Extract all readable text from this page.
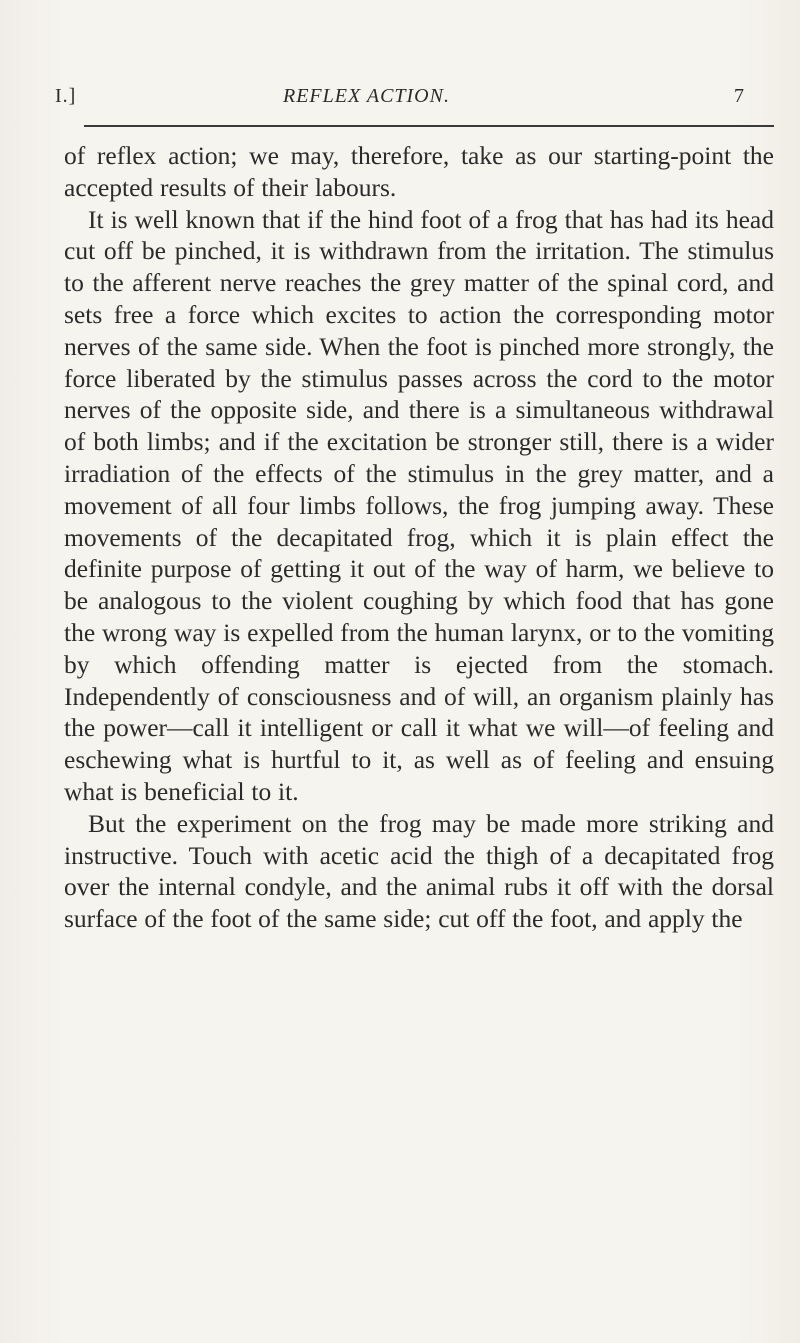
I.]	REFLEX ACTION.	7

of reflex action; we may, therefore, take as our starting-point the accepted results of their labours.

It is well known that if the hind foot of a frog that has had its head cut off be pinched, it is withdrawn from the irritation. The stimulus to the afferent nerve reaches the grey matter of the spinal cord, and sets free a force which excites to action the corresponding motor nerves of the same side. When the foot is pinched more strongly, the force liberated by the stimulus passes across the cord to the motor nerves of the opposite side, and there is a simultaneous withdrawal of both limbs; and if the excitation be stronger still, there is a wider irradiation of the effects of the stimulus in the grey matter, and a movement of all four limbs follows, the frog jumping away. These movements of the decapitated frog, which it is plain effect the definite purpose of getting it out of the way of harm, we believe to be analogous to the violent coughing by which food that has gone the wrong way is expelled from the human larynx, or to the vomiting by which offending matter is ejected from the stomach. Independently of consciousness and of will, an organism plainly has the power—call it intelligent or call it what we will—of feeling and eschewing what is hurtful to it, as well as of feeling and ensuing what is beneficial to it.

But the experiment on the frog may be made more striking and instructive. Touch with acetic acid the thigh of a decapitated frog over the internal condyle, and the animal rubs it off with the dorsal surface of the foot of the same side; cut off the foot, and apply the
